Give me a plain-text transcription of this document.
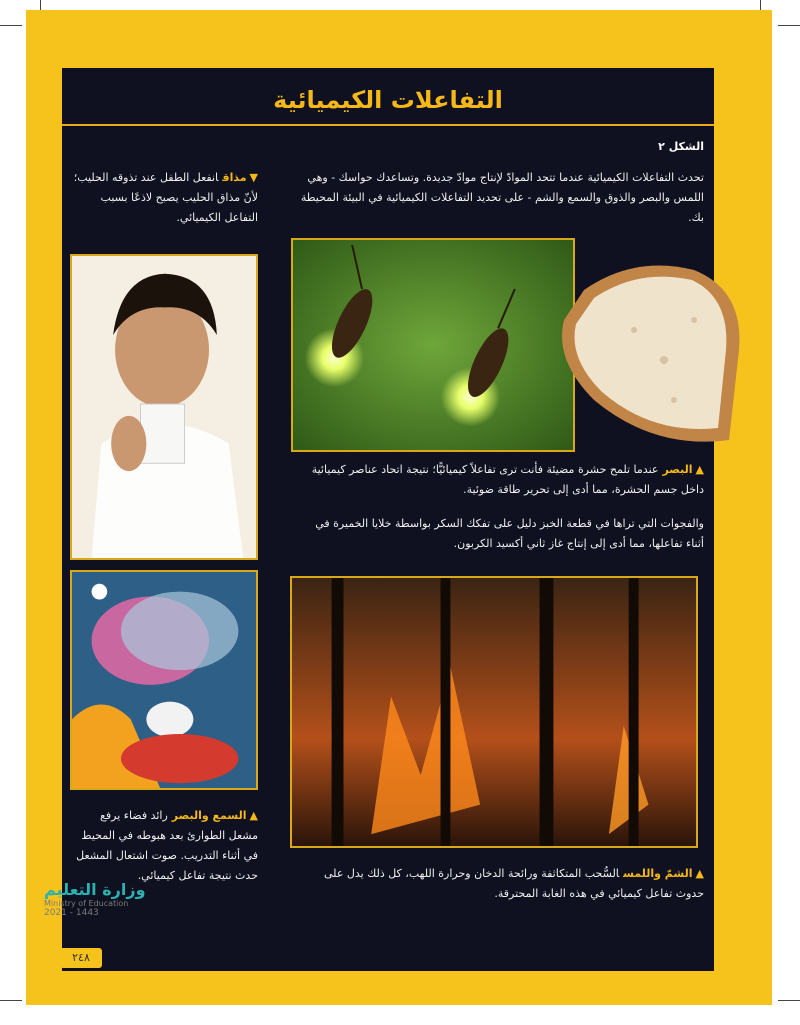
التفاعلات الكيميائية
الشكل ٢
تحدث التفاعلات الكيميائية عندما تتحد الموادّ لإنتاج موادّ جديدة. وتساعدك حواسك - وهي اللمس والبصر والذوق والسمع والشم - على تحديد التفاعلات الكيميائية في البيئة المحيطة بك.
▲البصرعندما تلمح حشرة مضيئة فأنت ترى تفاعلاً كيميائيًّا؛ نتيجة اتحاد عناصر كيميائية داخل جسم الحشرة، مما أدى إلى تحرير طاقة ضوئية.
والفجوات التي تراها في قطعة الخبز دليل على تفكك السكر بواسطة خلايا الخميرة في أثناء تفاعلها، مما أدى إلى إنتاج غاز ثاني أكسيد الكربون.
▲الشمّ واللمسالسُّحب المتكاثفة ورائحة الدخان وحرارة اللهب، كل ذلك يدل على حدوث تفاعل كيميائي في هذه الغابة المحترقة.
▼مذاقانفعل الطفل عند تذوقه الحليب؛ لأنّ مذاق الحليب يصبح لاذعًا بسبب التفاعل الكيميائي.
▲السمع والبصررائد فضاء يرفع مشعل الطوارئ بعد هبوطه في المحيط في أثناء التدريب. صوت اشتعال المشعل حدث نتيجة تفاعل كيميائي.
٢٤٨
وزارة التعليم
Ministry of Education
2021 - 1443
